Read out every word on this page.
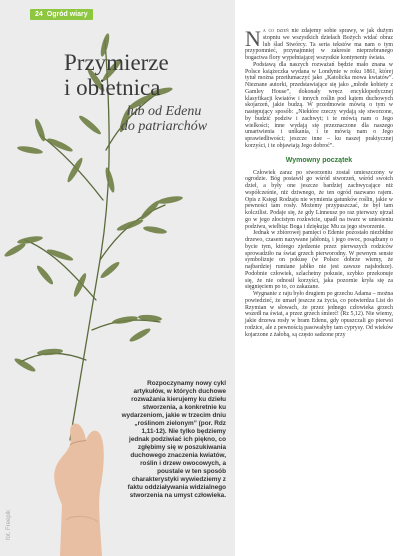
24 Ogród wiary
Przymierze
i obietnica
lub od Edenu
do patriarchów
Rozpoczynamy nowy cykl artykułów, w których duchowe rozważania kierujemy ku dziełu stworzenia, a konkretnie ku wydarzeniom, jakie w trzecim dniu „roślinom zielonym” (por. Rdz 1,11-12). Nie tylko będziemy jednak podziwiać ich piękno, co zgłębimy się w poszukiwania duchowego znaczenia kwiatów, roślin i drzew owocowych, a poustale w ten sposób charakterystyki wywiedziemy z faktu oddziaływania widzialnego stworzenia na umyst człowieka.
fot. Freepik

Na co dzień nie zdajemy sobie sprawy, w jak dużym stopniu we wszystkich dziełach Bożych widać obraz lub ślad Stwórcy. Ta seria tekstów ma nam o tym przypomnieć, przynajmniej w zakresie nieprzebranego bogactwa flory wypełniającej wszystkie kontynenty świata.

Podstawą dla naszych rozważań będzie mało znana w Polsce książeczka wydana w Londynie w roku 1861, której tytuł można przetłumaczyć jako „Katolicka mowa kwiatów”. Nieznane autorki, przedstawiające się jako „młode kobiety z Gamley House”, dokonały wręcz encyklopedycznej klasyfikacji kwiatów i innych roślin pod kątem duchowych skojarzeń, jakie budzą. W przedmowie mówią o tym w następujący sposób: „Niektóre rzeczy wydają się stworzone, by budzić podziw i zachwyt; i te mówią nam o Jego wielkości; inne wydają się przeznaczone dla naszego umartwienia i unikania, i te mówią nam o Jego sprawiedliwości; jeszcze inne – ku naszej praktycznej korzyści, i te objawiają Jego dobroć”.

Wymowny początek

Człowiek zaraz po stworzeniu został umieszczony w ogrodzie. Bóg postawił go wśród stworzeń, wśród swoich dzieł, a były one jeszcze bardziej zachwycające niż współcześnie, niż dziwnego, że ten ogród nazwano rajem. Opis z Księgi Rodzaju nie wymienia gatunków roślin, jakie w pewności tam rosły. Możemy przypuszczać, że był tam kolczilist. Podaje się, że gdy Linneusz po raz pierwszy ujrzał go w jego złocistym rozkwicie, upadł na twarz w uniesieniu podziwu, wielbiąc Boga i dziękując Mu za jego stworzenie.

Jednak w zbiorowej pamięci o Edenie pozostało niezbłdne drzewo, czasem nazywane jabłonią, i jego owoc, posądzany o bycie tym, którego zjedzenie przez pierwszych rodziców sprowadziło na świat grzech pierworodny. W pewnym sensie symbolizuje on pokusę (w Polsce dobrze wiemy, że najbardziej rumiane jabłko nie jest zawsze najsłodsze). Podobnie człowiek, szlachetny pokusie, szybko przekonuje się, że nie odnosił korzyści, jaka pozornie kryła się za sięgnięciem po to, co zakazane.

Wygnanie z raju było drugiem po grzechu Adama – można powiedzieć, że umarł jeszcze za życia, co potwierdza List do Rzymian w słowach, że przez jednego człowieka grzech wszedł na świat, a przez grzech śmierć! (Rz 5,12). Nie wiemy, jakie drzewa rosły w bram Edenu, gdy opuszczali go pierwsi rodzice, ale z pewnością pasowałyby tam cyprysy. Od wieków kojarzone z żałobą, są często sadzone przy
